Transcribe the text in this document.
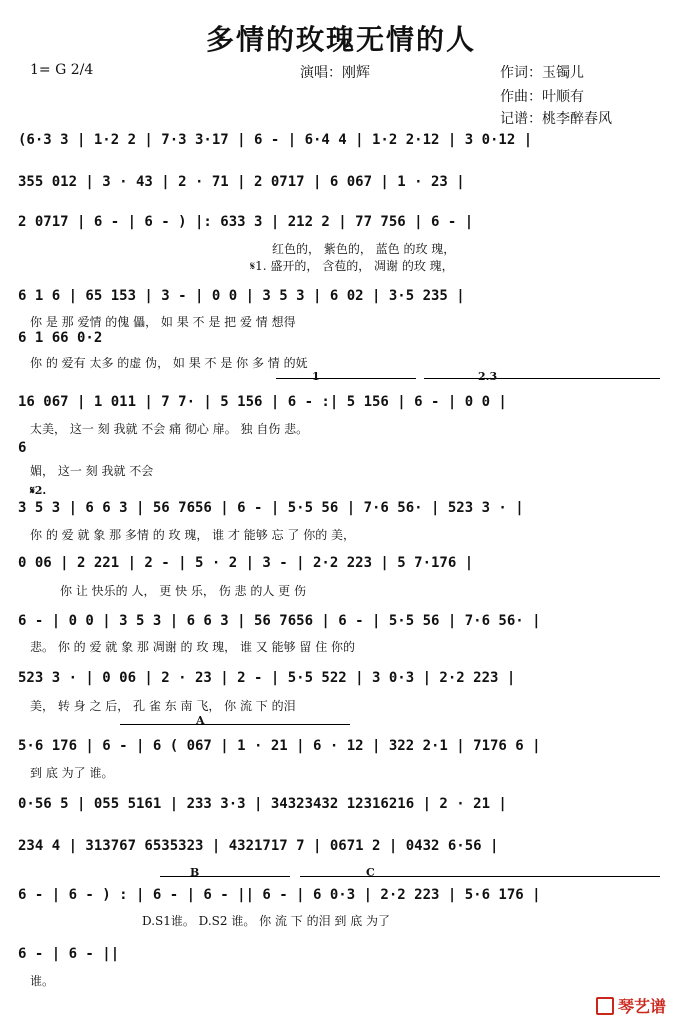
多情的玫瑰无情的人
1= G 2/4	演唱：刚辉	作词：玉镯儿
作曲：叶顺有
记谱：桃李醉春风
(6·3 3 | 1·2 2 | 7·3 3·17 | 6 - | 6·4 4 | 1·2 2·12 | 3 0·12 |
355 012 | 3 · 43 | 2 · 71 | 2 0717 | 6 067 | 1 · 23 |
2 0717 | 6 - | 6 - ) |: 633 3 | 212 2 | 77 756 | 6 - |
6 1 6 | 65 153 | 3 - | 0 0 | 3 5 3 | 6 02 | 3·5 235 |
6 1 66 0·2
16 067 | 1 011 | 7 7· | 5 156 | 6 - :| 5 156 | 6 - | 0 0 |
6
3 5 3 | 6 6 3 | 56 7656 | 6 - | 5·5 56 | 7·6 56· | 523 3 · |
0 06 | 2 221 | 2 - | 5 · 2 | 3 - | 2·2 223 | 5 7·176 |
6 - | 0 0 | 3 5 3 | 6 6 3 | 56 7656 | 6 - | 5·5 56 | 7·6 56· |
523 3 · | 0 06 | 2 · 23 | 2 - | 5·5 522 | 3 0·3 | 2·2 223 |
5·6 176 | 6 - | 6 ( 067 | 1 · 21 | 6 · 12 | 322 2·1 | 7176 6 |
0·56 5 | 055 5161 | 233 3·3 | 34323432 12316216 | 2 · 21 |
234 4 | 313767 6535323 | 4321717 7 | 0671 2 | 0432 6·56 |
6 - | 6 - ) : | 6 - | 6 - || 6 - | 6 0·3 | 2·2 223 | 5·6 176 |
6 - | 6 - ||
红色的， 紫色的， 蓝色 的玫 瑰，
𝄋1. 盛开的， 含苞的， 凋谢 的玫 瑰，
你 是 那 爱情 的傀 儡， 如 果 不 是 把 爱 情 想得
你 的 爱有 太多 的虚 伪， 如 果 不 是 你 多 情 的妩
太美， 这一 刻 我就 不会 痛 彻心 扉。 独 自伤 悲。
媚， 这一 刻 我就 不会
你 的 爱 就 象 那 多情 的 玫 瑰， 谁 才 能够 忘 了 你的 美，
你 让 快乐的 人， 更 快 乐， 伤 悲 的人 更 伤
悲。 你 的 爱 就 象 那 凋谢 的 玫 瑰， 谁 又 能够 留 住 你的
美， 转 身 之 后， 孔 雀 东 南 飞， 你 流 下 的泪
到 底 为了 谁。
D.S1谁。 D.S2 谁。 你 流 下 的泪 到 底 为了
谁。
1	2.3
𝄋2.
A
B	C
琴艺谱
